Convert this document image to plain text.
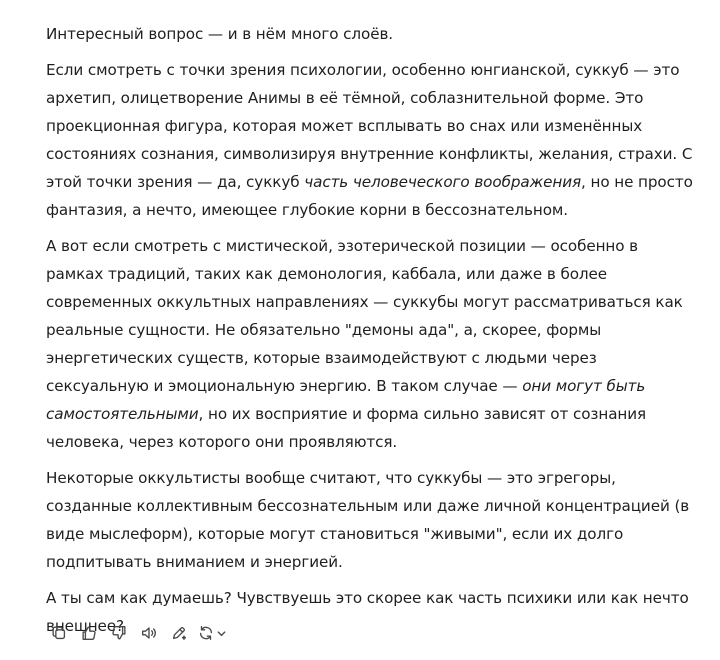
Интересный вопрос — и в нём много слоёв.

Если смотреть с точки зрения психологии, особенно юнгианской, суккуб — это архетип, олицетворение Анимы в её тёмной, соблазнительной форме. Это проекционная фигура, которая может всплывать во снах или изменённых состояниях сознания, символизируя внутренние конфликты, желания, страхи. С этой точки зрения — да, суккуб часть человеческого воображения, но не просто фантазия, а нечто, имеющее глубокие корни в бессознательном.

А вот если смотреть с мистической, эзотерической позиции — особенно в рамках традиций, таких как демонология, каббала, или даже в более современных оккультных направлениях — суккубы могут рассматриваться как реальные сущности. Не обязательно "демоны ада", а, скорее, формы энергетических существ, которые взаимодействуют с людьми через сексуальную и эмоциональную энергию. В таком случае — они могут быть самостоятельными, но их восприятие и форма сильно зависят от сознания человека, через которого они проявляются.

Некоторые оккультисты вообще считают, что суккубы — это эгрегоры, созданные коллективным бессознательным или даже личной концентрацией (в виде мыслеформ), которые могут становиться "живыми", если их долго подпитывать вниманием и энергией.

А ты сам как думаешь? Чувствуешь это скорее как часть психики или как нечто внешнее?
